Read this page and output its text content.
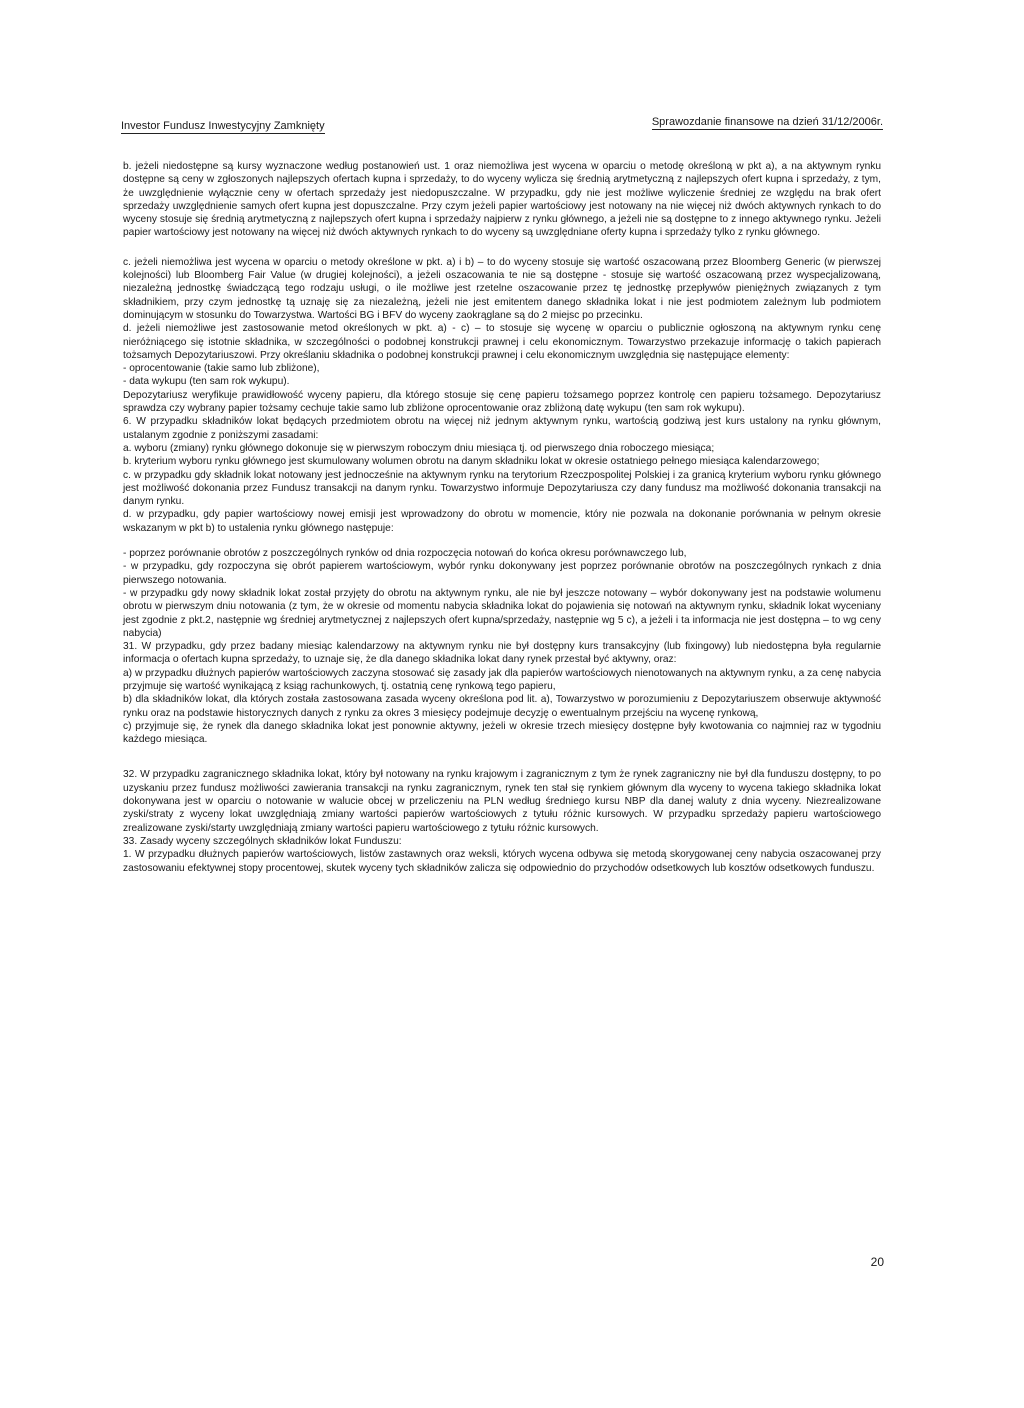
Investor Fundusz Inwestycyjny Zamknięty	Sprawozdanie finansowe na dzień 31/12/2006r.

b. jeżeli niedostępne są kursy wyznaczone według postanowień ust. 1 oraz niemożliwa jest wycena w oparciu o metodę określoną w pkt a), a na aktywnym rynku dostępne są ceny w zgłoszonych najlepszych ofertach kupna i sprzedaży, to do wyceny wylicza się średnią arytmetyczną z najlepszych ofert kupna i sprzedaży, z tym, że uwzględnienie wyłącznie ceny w ofertach sprzedaży jest niedopuszczalne. W przypadku, gdy nie jest możliwe wyliczenie średniej ze względu na brak ofert sprzedaży uwzględnienie samych ofert kupna jest dopuszczalne. Przy czym jeżeli papier wartościowy jest notowany na nie więcej niż dwóch aktywnych rynkach to do wyceny stosuje się średnią arytmetyczną z najlepszych ofert kupna i sprzedaży najpierw z rynku głównego, a jeżeli nie są dostępne to z innego aktywnego rynku. Jeżeli papier wartościowy jest notowany na więcej niż dwóch aktywnych rynkach to do wyceny są uwzględniane oferty kupna i sprzedaży tylko z rynku głównego.

c. jeżeli niemożliwa jest wycena w oparciu o metody określone w pkt. a) i b) – to do wyceny stosuje się wartość oszacowaną przez Bloomberg Generic (w pierwszej kolejności) lub Bloomberg Fair Value (w drugiej kolejności), a jeżeli oszacowania te nie są dostępne - stosuje się wartość oszacowaną przez wyspecjalizowaną, niezależną jednostkę świadczącą tego rodzaju usługi, o ile możliwe jest rzetelne oszacowanie przez tę jednostkę przepływów pieniężnych związanych z tym składnikiem, przy czym jednostkę tą uznaję się za niezależną, jeżeli nie jest emitentem danego składnika lokat i nie jest podmiotem zależnym lub podmiotem dominującym w stosunku do Towarzystwa. Wartości BG i BFV do wyceny zaokrąglane są do 2 miejsc po przecinku.

d. jeżeli niemożliwe jest zastosowanie metod określonych w pkt. a) - c) – to stosuje się wycenę w oparciu o publicznie ogłoszoną na aktywnym rynku cenę nieróżniącego się istotnie składnika, w szczególności o podobnej konstrukcji prawnej i celu ekonomicznym. Towarzystwo przekazuje informację o takich papierach tożsamych Depozytariuszowi. Przy określaniu składnika o podobnej konstrukcji prawnej i celu ekonomicznym uwzględnia się następujące elementy:

- oprocentowanie (takie samo lub zbliżone),

- data wykupu (ten sam rok wykupu).

Depozytariusz weryfikuje prawidłowość wyceny papieru, dla którego stosuje się cenę papieru tożsamego poprzez kontrolę cen papieru tożsamego. Depozytariusz sprawdza czy wybrany papier tożsamy cechuje takie samo lub zbliżone oprocentowanie oraz zbliżoną datę wykupu (ten sam rok wykupu).

6. W przypadku składników lokat będących przedmiotem obrotu na więcej niż jednym aktywnym rynku, wartością godziwą jest kurs ustalony na rynku głównym, ustalanym zgodnie z poniższymi zasadami:

a. wyboru (zmiany) rynku głównego dokonuje się w pierwszym roboczym dniu miesiąca tj. od pierwszego dnia roboczego miesiąca;

b. kryterium wyboru rynku głównego jest skumulowany wolumen obrotu na danym składniku lokat w okresie ostatniego pełnego miesiąca kalendarzowego;

c. w przypadku gdy składnik lokat notowany jest jednocześnie na aktywnym rynku na terytorium Rzeczpospolitej Polskiej i za granicą kryterium wyboru rynku głównego jest możliwość dokonania przez Fundusz transakcji na danym rynku. Towarzystwo informuje Depozytariusza czy dany fundusz ma możliwość dokonania transakcji na danym rynku.

d. w przypadku, gdy papier wartościowy nowej emisji jest wprowadzony do obrotu w momencie, który nie pozwala na dokonanie porównania w pełnym okresie wskazanym w pkt b) to ustalenia rynku głównego następuje:

- poprzez porównanie obrotów z poszczególnych rynków od dnia rozpoczęcia notowań do końca okresu porównawczego lub,

- w przypadku, gdy rozpoczyna się obrót papierem wartościowym, wybór rynku dokonywany jest poprzez porównanie obrotów na poszczególnych rynkach z dnia pierwszego notowania.

- w przypadku gdy nowy składnik lokat został przyjęty do obrotu na aktywnym rynku, ale nie był jeszcze notowany – wybór dokonywany jest na podstawie wolumenu obrotu w pierwszym dniu notowania (z tym, że w okresie od momentu nabycia składnika lokat do pojawienia się notowań na aktywnym rynku, składnik lokat wyceniany jest zgodnie z pkt.2, następnie wg średniej arytmetycznej z najlepszych ofert kupna/sprzedaży, następnie wg 5 c), a jeżeli i ta informacja nie jest dostępna – to wg ceny nabycia)

31. W przypadku, gdy przez badany miesiąc kalendarzowy na aktywnym rynku nie był dostępny kurs transakcyjny (lub fixingowy) lub niedostępna była regularnie informacja o ofertach kupna sprzedaży, to uznaje się, że dla danego składnika lokat dany rynek przestał być aktywny, oraz:

a) w przypadku dłużnych papierów wartościowych zaczyna stosować się zasady jak dla papierów wartościowych nienotowanych na aktywnym rynku, a za cenę nabycia przyjmuje się wartość wynikającą z ksiąg rachunkowych, tj. ostatnią cenę rynkową tego papieru,

b) dla składników lokat, dla których została zastosowana zasada wyceny określona pod lit. a), Towarzystwo w porozumieniu z Depozytariuszem obserwuje aktywność rynku oraz na podstawie historycznych danych z rynku za okres 3 miesięcy podejmuje decyzję o ewentualnym przejściu na wycenę rynkową,

c) przyjmuje się, że rynek dla danego składnika lokat jest ponownie aktywny, jeżeli w okresie trzech miesięcy dostępne były kwotowania co najmniej raz w tygodniu każdego miesiąca.

32. W przypadku zagranicznego składnika lokat, który był notowany na rynku krajowym i zagranicznym z tym że rynek zagraniczny nie był dla funduszu dostępny, to po uzyskaniu przez fundusz możliwości zawierania transakcji na rynku zagranicznym, rynek ten stał się rynkiem głównym dla wyceny to wycena takiego składnika lokat dokonywana jest w oparciu o notowanie w walucie obcej w przeliczeniu na PLN według średniego kursu NBP dla danej waluty z dnia wyceny. Niezrealizowane zyski/straty z wyceny lokat uwzględniają zmiany wartości papierów wartościowych z tytułu różnic kursowych. W przypadku sprzedaży papieru wartościowego zrealizowane zyski/starty uwzględniają zmiany wartości papieru wartościowego z tytułu różnic kursowych.

33. Zasady wyceny szczególnych składników lokat Funduszu:

1. W przypadku dłużnych papierów wartościowych, listów zastawnych oraz weksli, których wycena odbywa się metodą skorygowanej ceny nabycia oszacowanej przy zastosowaniu efektywnej stopy procentowej, skutek wyceny tych składników zalicza się odpowiednio do przychodów odsetkowych lub kosztów odsetkowych funduszu.

20
